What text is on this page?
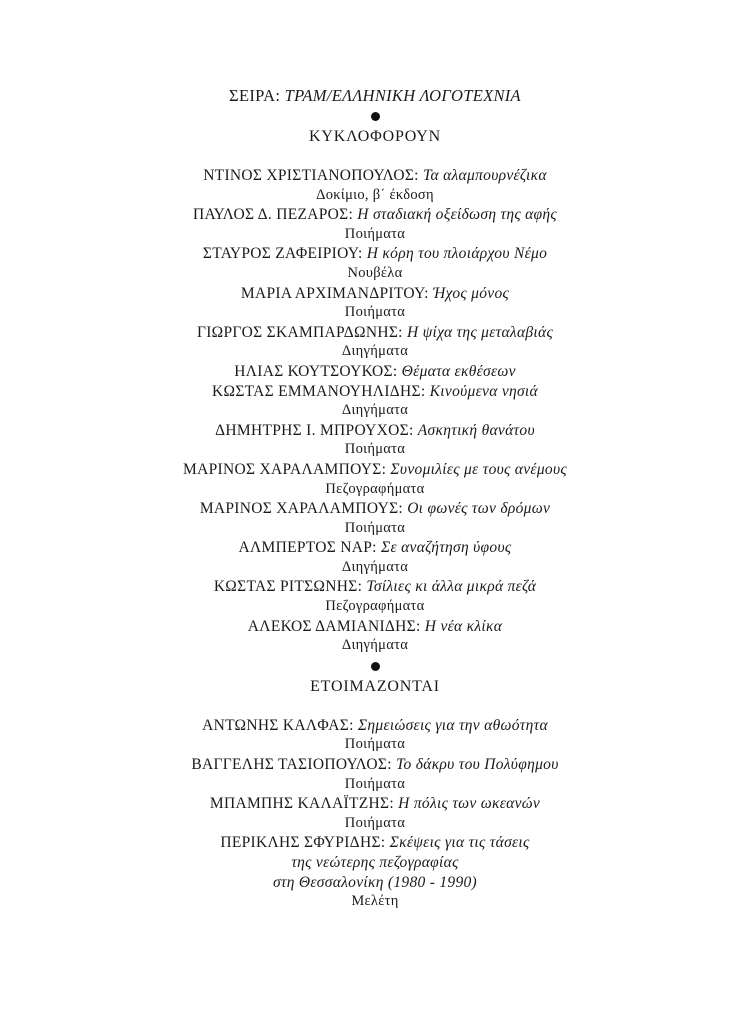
ΣΕΙΡΑ: ΤΡΑΜ/ΕΛΛΗΝΙΚΗ ΛΟΓΟΤΕΧΝΙΑ
ΚΥΚΛΟΦΟΡΟΥΝ
ΝΤΙΝΟΣ ΧΡΙΣΤΙΑΝΟΠΟΥΛΟΣ: Τα αλαμπουρνέζικα
Δοκίμιο, β΄ έκδοση
ΠΑΥΛΟΣ Δ. ΠΕΖΑΡΟΣ: Η σταδιακή οξείδωση της αφής
Ποιήματα
ΣΤΑΥΡΟΣ ΖΑΦΕΙΡΙΟΥ: Η κόρη του πλοιάρχου Νέμο
Νουβέλα
ΜΑΡΙΑ ΑΡΧΙΜΑΝΔΡΙΤΟΥ: Ήχος μόνος
Ποιήματα
ΓΙΩΡΓΟΣ ΣΚΑΜΠΑΡΔΩΝΗΣ: Η ψίχα της μεταλαβιάς
Διηγήματα
ΗΛΙΑΣ ΚΟΥΤΣΟΥΚΟΣ: Θέματα εκθέσεων
ΚΩΣΤΑΣ ΕΜΜΑΝΟΥΗΛΙΔΗΣ: Κινούμενα νησιά
Διηγήματα
ΔΗΜΗΤΡΗΣ Ι. ΜΠΡΟΥΧΟΣ: Ασκητική θανάτου
Ποιήματα
ΜΑΡΙΝΟΣ ΧΑΡΑΛΑΜΠΟΥΣ: Συνομιλίες με τους ανέμους
Πεζογραφήματα
ΜΑΡΙΝΟΣ ΧΑΡΑΛΑΜΠΟΥΣ: Οι φωνές των δρόμων
Ποιήματα
ΑΛΜΠΕΡΤΟΣ ΝΑΡ: Σε αναζήτηση ύφους
Διηγήματα
ΚΩΣΤΑΣ ΡΙΤΣΩΝΗΣ: Τσίλιες κι άλλα μικρά πεζά
Πεζογραφήματα
ΑΛΕΚΟΣ ΔΑΜΙΑΝΙΔΗΣ: Η νέα κλίκα
Διηγήματα
ΕΤΟΙΜΑΖΟΝΤΑΙ
ΑΝΤΩΝΗΣ ΚΑΛΦΑΣ: Σημειώσεις για την αθωότητα
Ποιήματα
ΒΑΓΓΕΛΗΣ ΤΑΣΙΟΠΟΥΛΟΣ: Το δάκρυ του Πολύφημου
Ποιήματα
ΜΠΑΜΠΗΣ ΚΑΛΑΪΤΖΗΣ: Η πόλις των ωκεανών
Ποιήματα
ΠΕΡΙΚΛΗΣ ΣΦΥΡΙΔΗΣ: Σκέψεις για τις τάσεις
της νεώτερης πεζογραφίας
στη Θεσσαλονίκη (1980 - 1990)
Μελέτη
